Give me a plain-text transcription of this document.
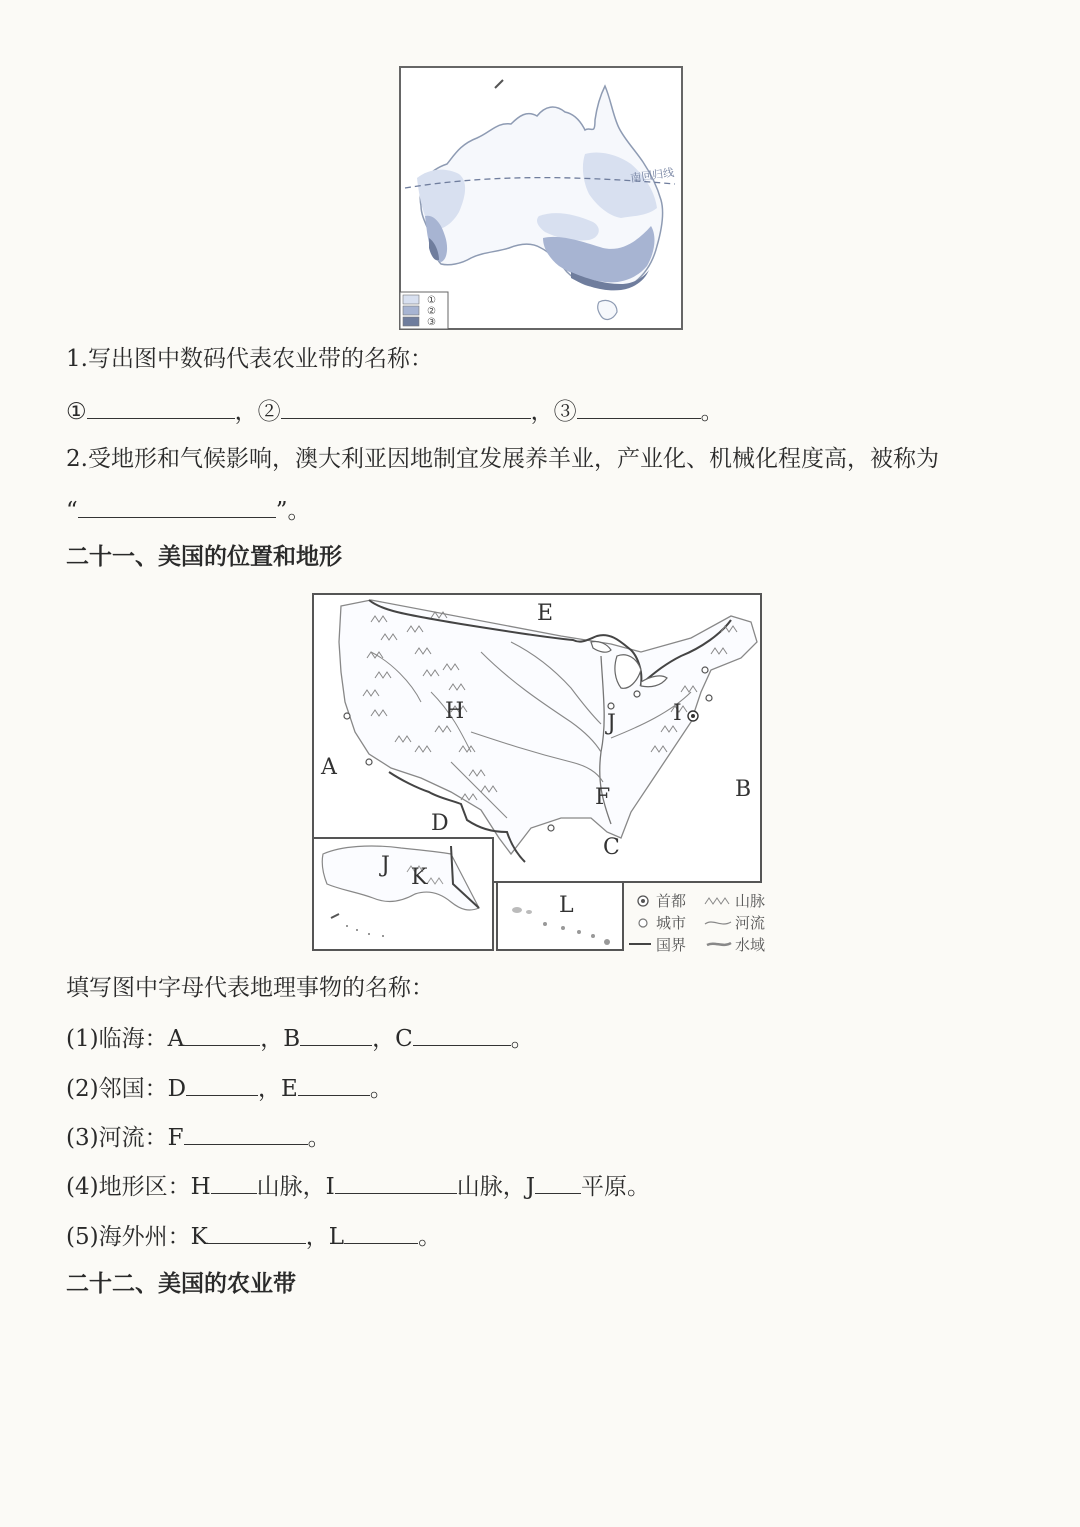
南回归线
①
②
③
1.写出图中数码代表农业带的名称：
①	，②	，③	。
2.受地形和气候影响，澳大利亚因地制宜发展养羊业，产业化、机械化程度高，被称为
“	”。
二十一、美国的位置和地形
A
B
C
D
E
F
H	I
J
K
L
J
首都
城市
国界
山脉
河流
水域
填写图中字母代表地理事物的名称：
(1)临海：A	，B	，C	。
(2)邻国：D	，E	。
(3)河流：F	。
(4)地形区：H 山脉，I	山脉，J 平原。
(5)海外州：K	，L	。
二十二、美国的农业带
